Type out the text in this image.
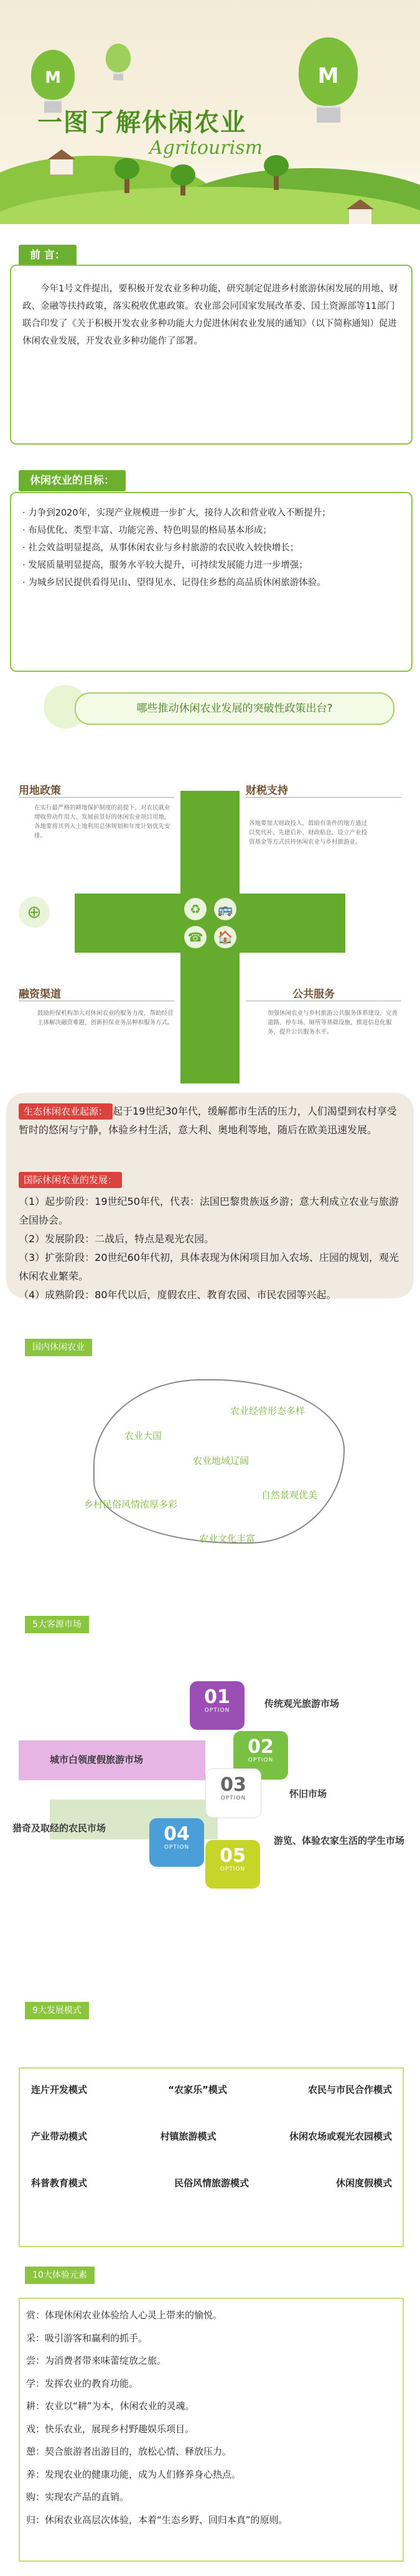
M	M
一图了解休闲农业
Agritourism
前 言：
今年1号文件提出，要积极开发农业多种功能，研究制定促进乡村旅游休闲发展的用地、财政、金融等扶持政策，落实税收优惠政策。农业部会同国家发展改革委、国土资源部等11部门联合印发了《关于积极开发农业多种功能大力促进休闲农业发展的通知》（以下简称通知）促进休闲农业发展，开发农业多种功能作了部署。
休闲农业的目标：
· 力争到2020年，实现产业规模进一步扩大，接待人次和营业收入不断提升；
· 布局优化、类型丰富、功能完善、特色明显的格局基本形成；
· 社会效益明显提高，从事休闲农业与乡村旅游的农民收入较快增长；
· 发展质量明显提高，服务水平较大提升，可持续发展能力进一步增强；
· 为城乡居民提供看得见山、望得见水、记得住乡愁的高品质休闲旅游体验。
哪些推动休闲农业发展的突破性政策出台?
♻	🚌
☎ 🏠
⊕
用地政策
在实行最严格的耕地保护制度的前提下，对农民就业增收带动作用大、发展前景好的休闲农业项目用地，各地要将其列入土地利用总体规划和年度计划优先安排。
财税支持
各地要加大财政投入，鼓励有条件的地方通过以奖代补、先建后补、财政贴息、设立产业投资基金等方式扶持休闲农业与乡村旅游业。
融资渠道
鼓励担保机构加大对休闲农业的服务力度，帮助经营主体解决融资难题，创新担保业务品种和服务方式。
公共服务
加强休闲农业与乡村旅游公共服务体系建设，完善道路、停车场、厕所等基础设施，推进信息化服务，提升公共服务水平。
生态休闲农业起源： 起于19世纪30年代，缓解都市生活的压力，人们渴望到农村享受暂时的悠闲与宁静，体验乡村生活，意大利、奥地利等地，随后在欧美迅速发展。
国际休闲农业的发展：
（1）起步阶段：19世纪50年代，代表：法国巴黎贵族返乡游；意大利成立农业与旅游全国协会。
（2）发展阶段：二战后，特点是观光农园。
（3）扩张阶段：20世纪60年代初，具体表现为休闲项目加入农场、庄园的规划，观光休闲农业繁荣。
（4）成熟阶段：80年代以后，度假农庄、教育农园、市民农园等兴起。
国内休闲农业
农业大国
农业经营形态多样
农业地域辽阔
乡村民俗风情浓厚多彩
自然景观优美
农业文化丰富
5大客源市场
01
OPTION
传统观光旅游市场
02
OPTION
城市白领度假旅游市场
03
OPTION	怀旧市场
04
OPTION
猎奇及取经的农民市场
05
OPTION
游览、体验农家生活的学生市场
9大发展模式
连片开发模式	“农家乐”模式	农民与市民合作模式
产业带动模式	村镇旅游模式	休闲农场或观光农园模式
科普教育模式	民俗风情旅游模式	休闲度假模式
10大体验元素
赏：体现休闲农业体验给人心灵上带来的愉悦。
采：吸引游客和赢利的抓手。
尝：为消费者带来味蕾绽放之旅。
学：发挥农业的教育功能。
耕：农业以“耕”为本，休闲农业的灵魂。
戏：快乐农业，展现乡村野趣娱乐项目。
憩：契合旅游者出游目的，放松心情、释放压力。
养：发现农业的健康功能，成为人们修养身心热点。
购：实现农产品的直销。
归：休闲农业高层次体验，本着“生态乡野、回归本真”的原则。
